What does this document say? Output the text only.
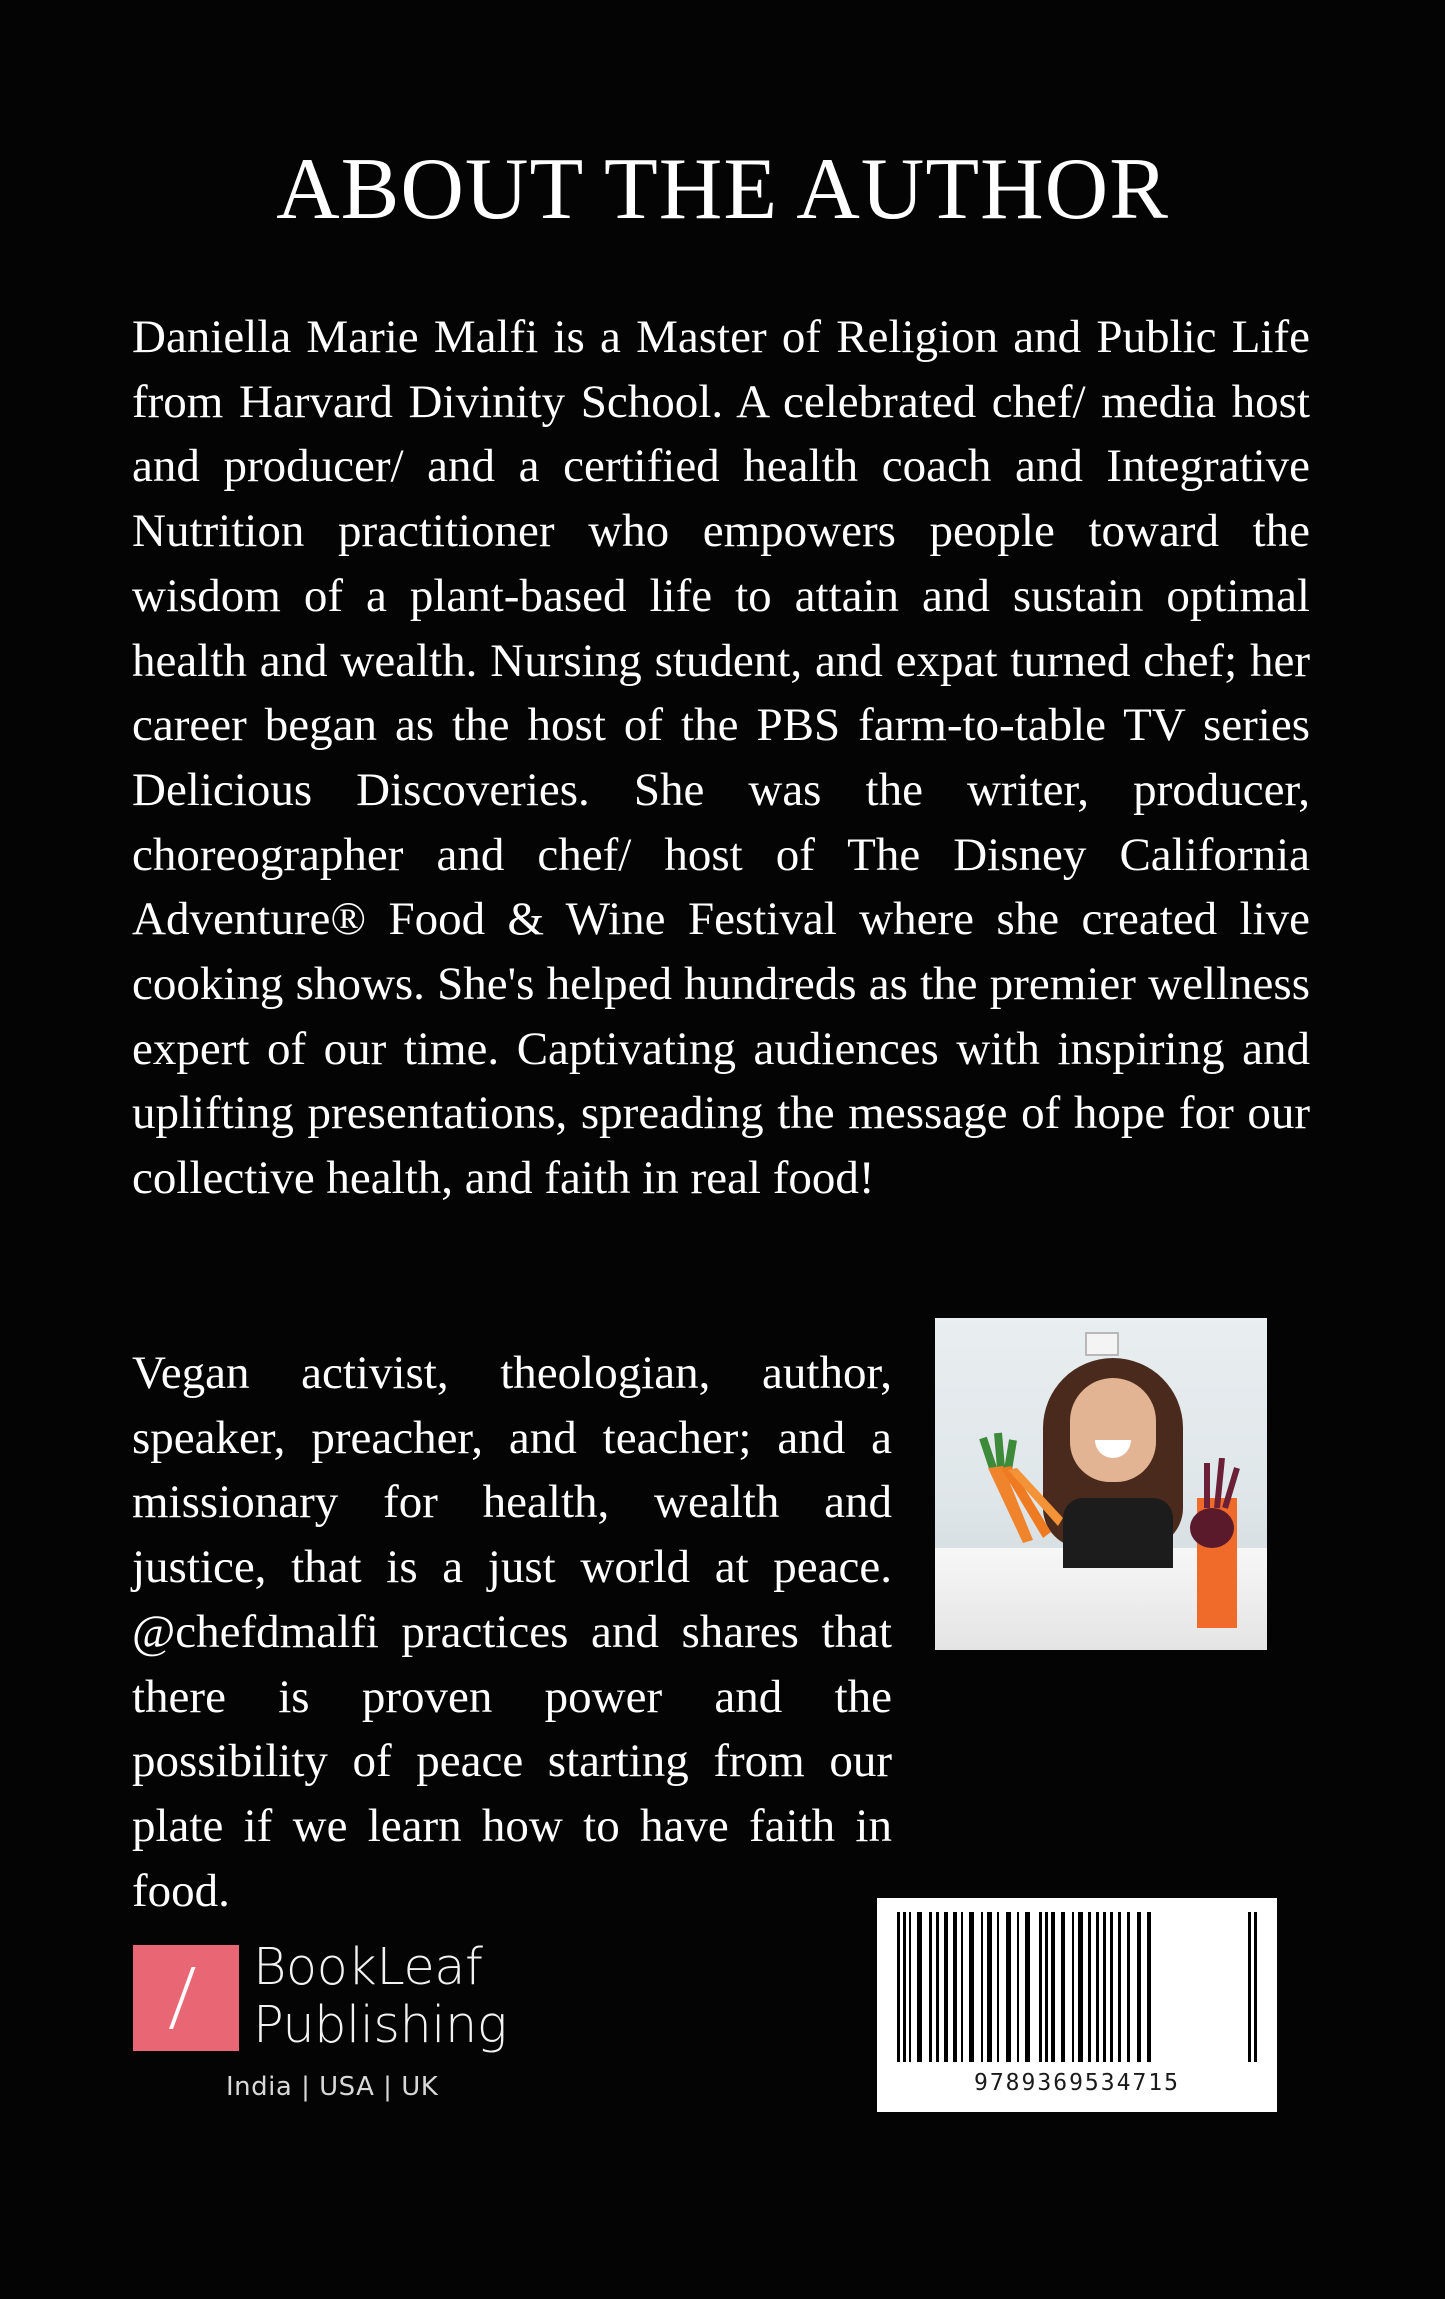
ABOUT THE AUTHOR

Daniella Marie Malfi is a Master of Religion and Public Life from Harvard Divinity School. A celebrated chef/ media host and producer/ and a certified health coach and Integrative Nutrition practitioner who empowers people toward the wisdom of a plant-based life to attain and sustain optimal health and wealth. Nursing student, and expat turned chef; her career began as the host of the PBS farm-to-table TV series Delicious Discoveries. She was the writer, producer, choreographer and chef/ host of The Disney California Adventure® Food & Wine Festival where she created live cooking shows. She's helped hundreds as the premier wellness expert of our time. Captivating audiences with inspiring and uplifting presentations, spreading the message of hope for our collective health, and faith in real food!

Vegan activist, theologian, author, speaker, preacher, and teacher; and a missionary for health, wealth and justice, that is a just world at peace. @chefdmalfi practices and shares that there is proven power and the possibility of peace starting from our plate if we learn how to have faith in food.

BookLeaf
Publishing
India | USA | UK	9789369534715
